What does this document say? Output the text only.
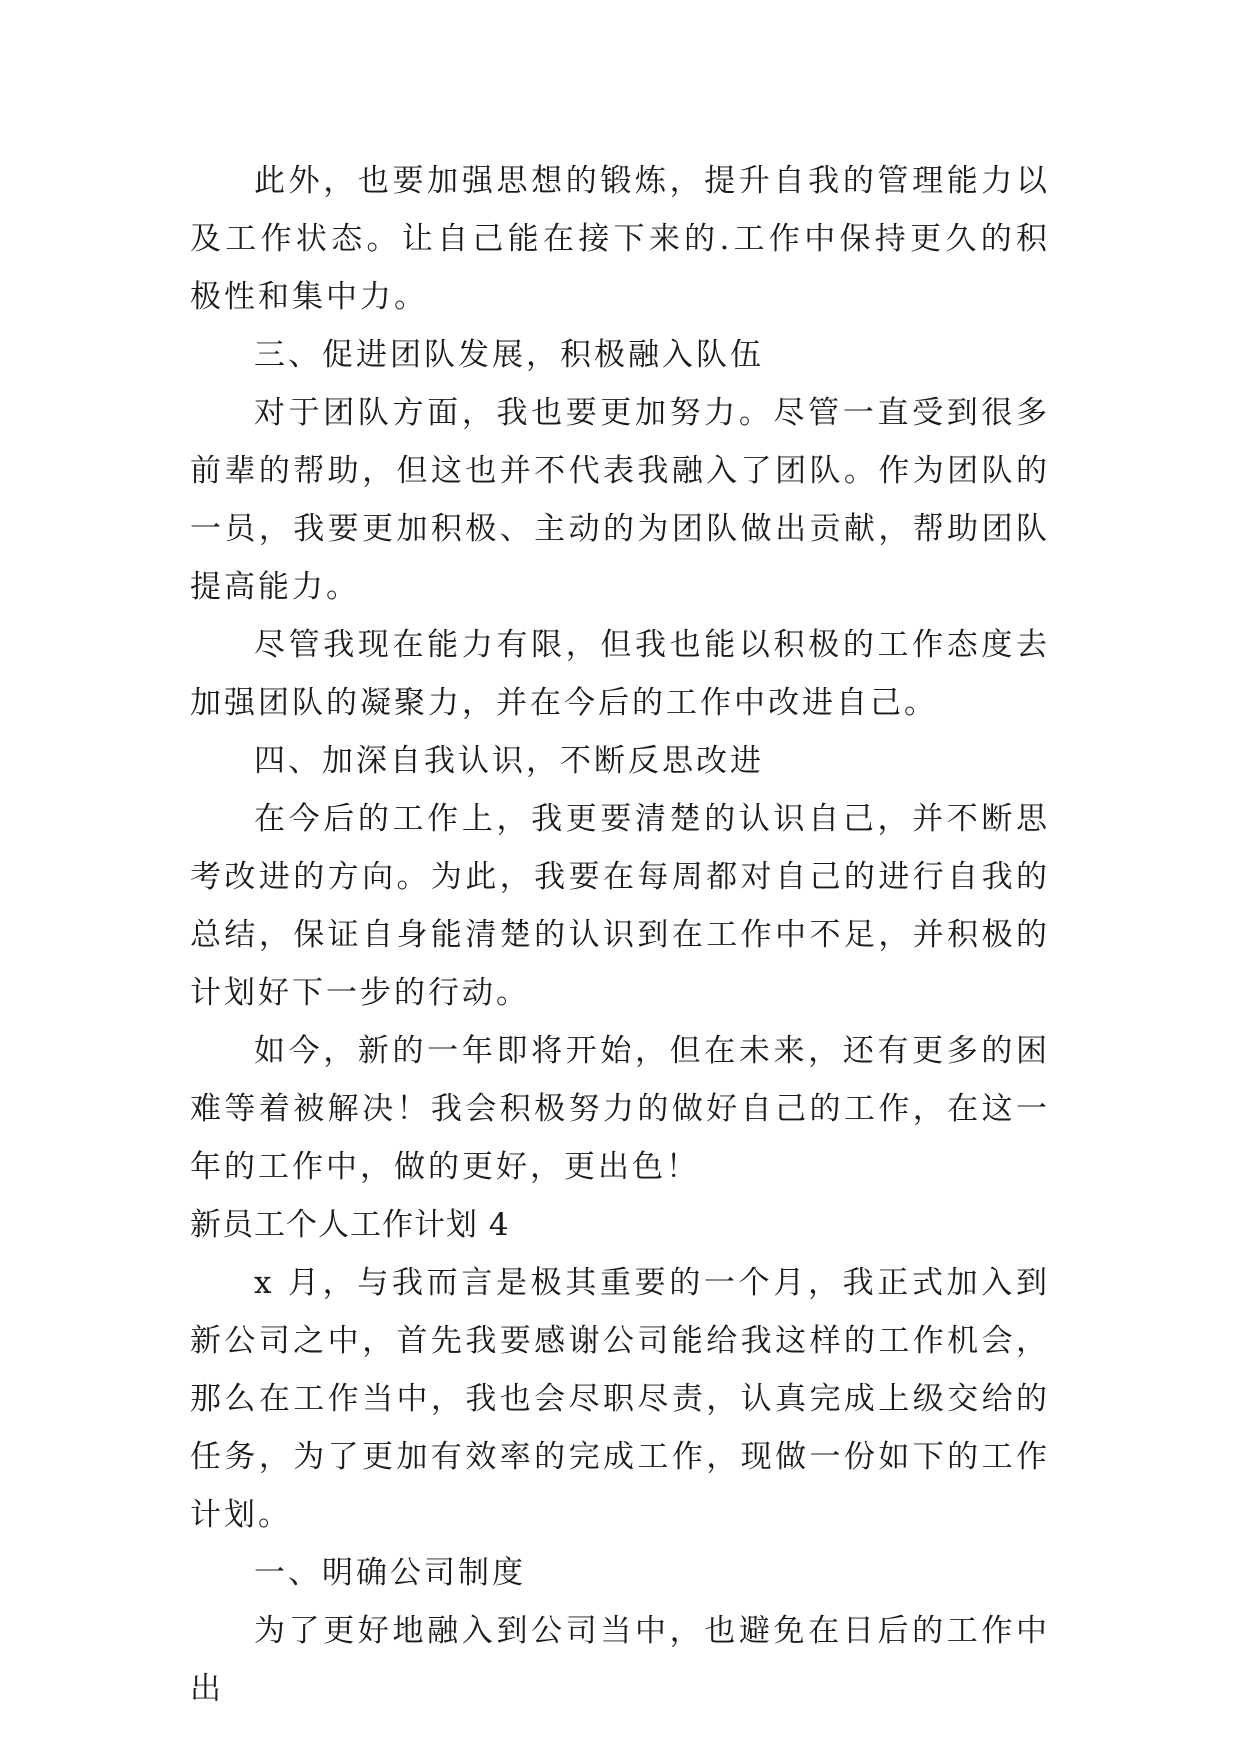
此外，也要加强思想的锻炼，提升自我的管理能力以及工作状态。让自己能在接下来的.工作中保持更久的积极性和集中力。

三、促进团队发展，积极融入队伍

对于团队方面，我也要更加努力。尽管一直受到很多前辈的帮助，但这也并不代表我融入了团队。作为团队的一员，我要更加积极、主动的为团队做出贡献，帮助团队提高能力。

尽管我现在能力有限，但我也能以积极的工作态度去加强团队的凝聚力，并在今后的工作中改进自己。

四、加深自我认识，不断反思改进

在今后的工作上，我更要清楚的认识自己，并不断思考改进的方向。为此，我要在每周都对自己的进行自我的总结，保证自身能清楚的认识到在工作中不足，并积极的计划好下一步的行动。

如今，新的一年即将开始，但在未来，还有更多的困难等着被解决！我会积极努力的做好自己的工作，在这一年的工作中，做的更好，更出色！

新员工个人工作计划 4

x 月，与我而言是极其重要的一个月，我正式加入到新公司之中，首先我要感谢公司能给我这样的工作机会，那么在工作当中，我也会尽职尽责，认真完成上级交给的任务，为了更加有效率的完成工作，现做一份如下的工作计划。

一、明确公司制度

为了更好地融入到公司当中，也避免在日后的工作中出
